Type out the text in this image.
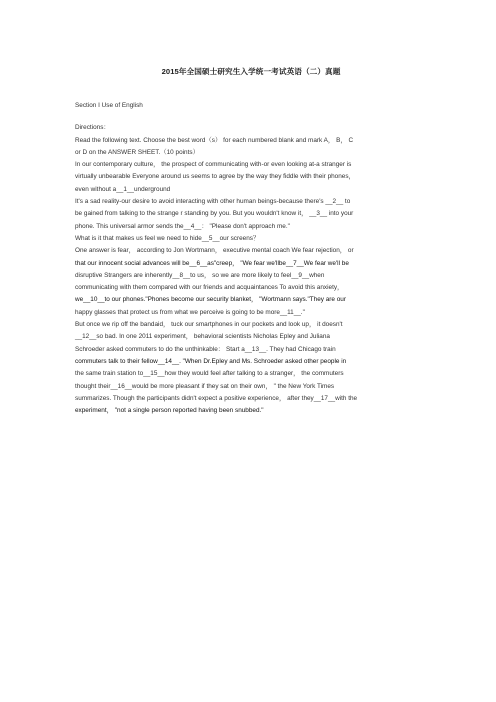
2015年全国硕士研究生入学统一考试英语（二）真题

Section I Use of English

Directions：

Read the following text. Choose the best word（s） for each numbered blank and mark A， B， C
or D on the ANSWER SHEET.（10 points）

In our contemporary culture， the prospect of communicating with-or even looking at-a stranger is
virtually unbearable Everyone around us seems to agree by the way they fiddle with their phones，
even without a__1__underground

It's a sad reality-our desire to avoid interacting with other human beings-because there's __2__ to
be gained from talking to the strange r standing by you. But you wouldn't know it， __3__ into your
phone. This universal armor sends the__4__： "Please don't approach me."

What is it that makes us feel we need to hide__5__our screens？

One answer is fear， according to Jon Wortmann， executive mental coach We fear rejection， or
that our innocent social advances will be__6__as"creep， "We fear we'llbe__7__We fear we'll be
disruptive Strangers are inherently__8__to us， so we are more likely to feel__9__when
communicating with them compared with our friends and acquaintances To avoid this anxiety，
we__10__to our phones."Phones become our security blanket， "Wortmann says."They are our
happy glasses that protect us from what we perceive is going to be more__11__."

But once we rip off the bandaid， tuck our smartphones in our pockets and look up， it doesn't
__12__so bad. In one 2011 experiment， behavioral scientists Nicholas Epley and Juliana
Schroeder asked commuters to do the unthinkable： Start a__13__. They had Chicago train
commuters talk to their fellow__14__. "When Dr.Epley and Ms. Schroeder asked other people in
the same train station to__15__how they would feel after talking to a stranger， the commuters
thought their__16__would be more pleasant if they sat on their own， " the New York Times
summarizes. Though the participants didn't expect a positive experience， after they__17__with the
experiment， "not a single person reported having been snubbed."
